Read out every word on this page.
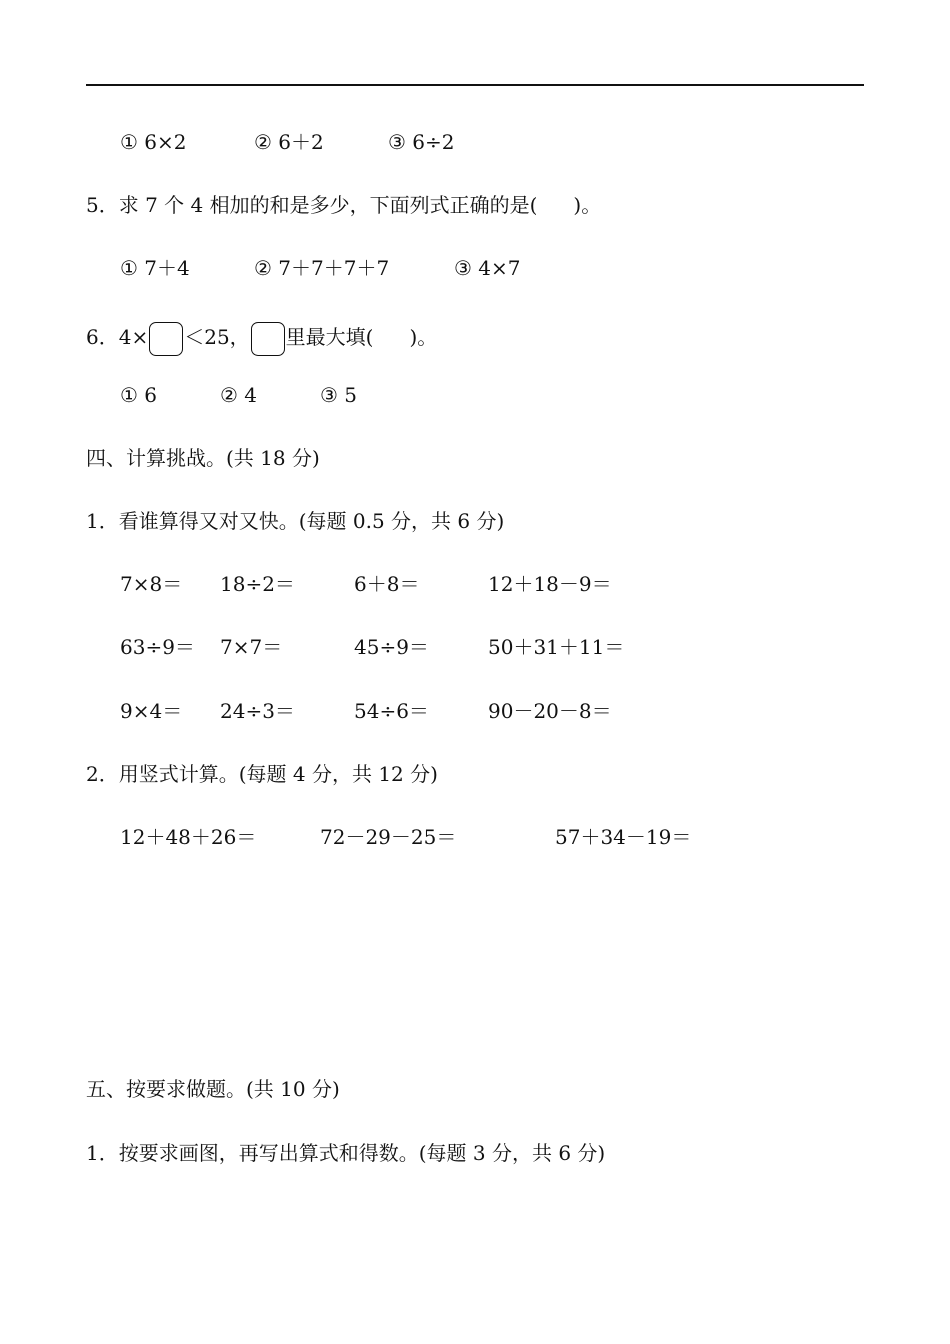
① 6×2	② 6＋2	③ 6÷2
5．求 7 个 4 相加的和是多少，下面列式正确的是( )。
① 7＋4	② 7＋7＋7＋7	③ 4×7
6．4× ＜25， 里最大填( )。
① 6	② 4	③ 5
四、计算挑战。(共 18 分)
1．看谁算得又对又快。(每题 0.5 分，共 6 分)
7×8＝ 18÷2＝	6＋8＝	12＋18－9＝
63÷9＝ 7×7＝	45÷9＝	50＋31＋11＝
9×4＝ 24÷3＝	54÷6＝	90－20－8＝
2．用竖式计算。(每题 4 分，共 12 分)
12＋48＋26＝	72－29－25＝	57＋34－19＝
五、按要求做题。(共 10 分)
1．按要求画图，再写出算式和得数。(每题 3 分，共 6 分)
